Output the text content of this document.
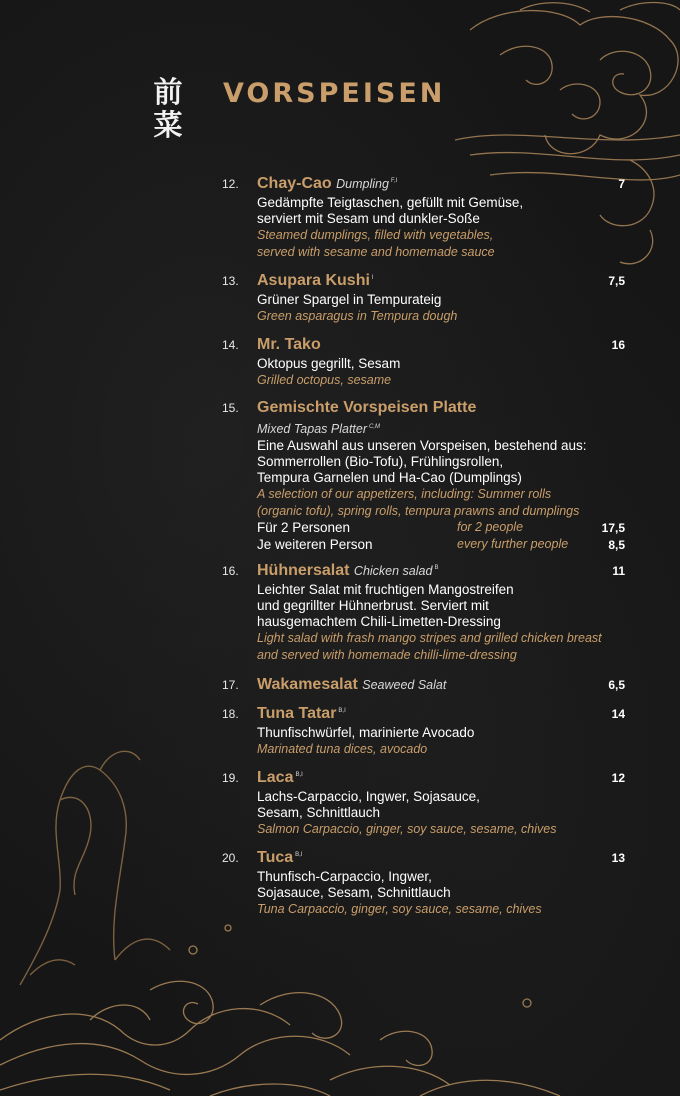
前
菜
VORSPEISEN
12. Chay-Cao Dumpling $^{F,I}$	7
Gedämpfte Teigtaschen, gefüllt mit Gemüse,
serviert mit Sesam und dunkler-Soße
Steamed dumplings, filled with vegetables,
served with sesame and homemade sauce
13. Asupara Kushi $^I$	7,5
Grüner Spargel in Tempurateig
Green asparagus in Tempura dough
14. Mr. Tako	16
Oktopus gegrillt, Sesam
Grilled octopus, sesame
15. Gemischte Vorspeisen Platte
Mixed Tapas Platter $^{C,M}$
Eine Auswahl aus unseren Vorspeisen, bestehend aus:
Sommerrollen (Bio-Tofu), Frühlingsrollen,
Tempura Garnelen und Ha-Cao (Dumplings)
A selection of our appetizers, including: Summer rolls
(organic tofu), spring rolls, tempura prawns and dumplings
Für 2 Personen	for 2 people	17,5
Je weiteren Person	every further people	8,5
16. Hühnersalat Chicken salad $^B$	11
Leichter Salat mit fruchtigen Mangostreifen
und gegrillter Hühnerbrust. Serviert mit
hausgemachtem Chili-Limetten-Dressing
Light salad with frash mango stripes and grilled chicken breast
and served with homemade chilli-lime-dressing
17. Wakamesalat Seaweed Salat	6,5
18. Tuna Tatar $^{B,I}$	14
Thunfischwürfel, marinierte Avocado
Marinated tuna dices, avocado
19. Laca $^{B,I}$	12
Lachs-Carpaccio, Ingwer, Sojasauce,
Sesam, Schnittlauch
Salmon Carpaccio, ginger, soy sauce, sesame, chives
20. Tuca $^{B,I}$	13
Thunfisch-Carpaccio, Ingwer,
Sojasauce, Sesam, Schnittlauch
Tuna Carpaccio, ginger, soy sauce, sesame, chives
